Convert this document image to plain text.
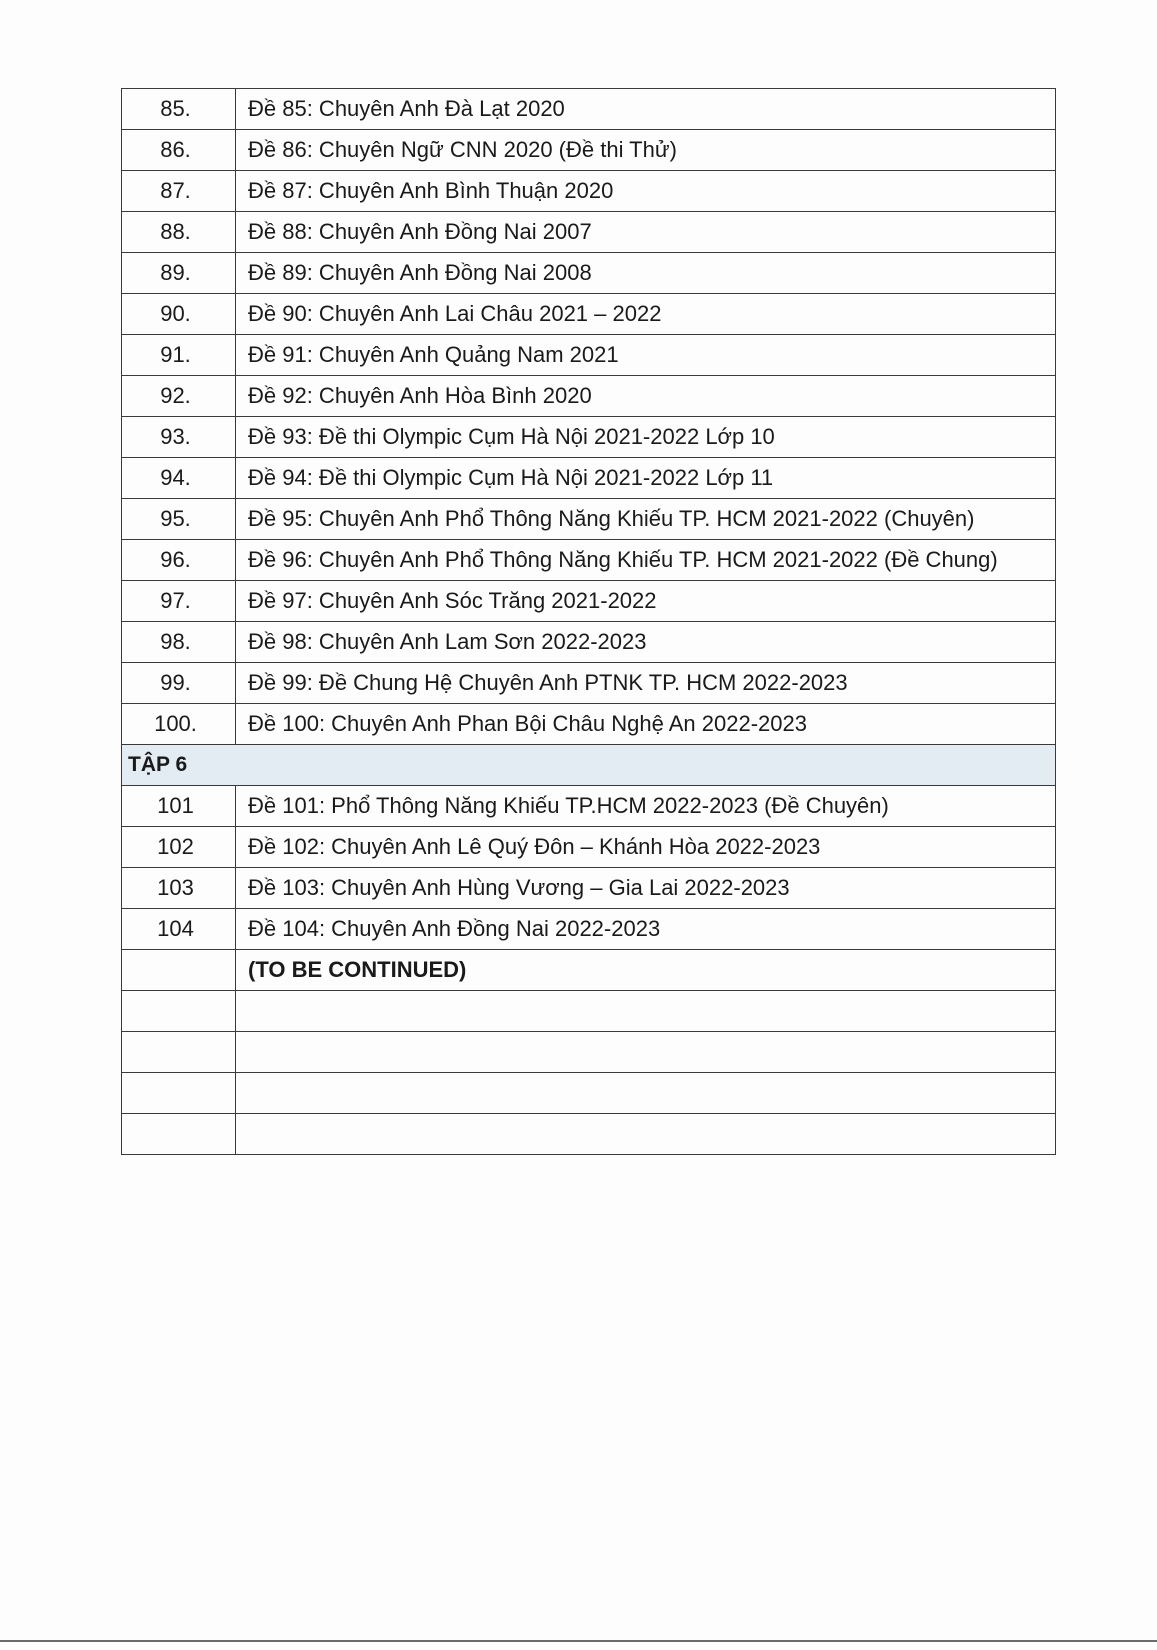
85.	Đề 85: Chuyên Anh Đà Lạt 2020
86.	Đề 86: Chuyên Ngữ CNN 2020 (Đề thi Thử)
87.	Đề 87: Chuyên Anh Bình Thuận 2020
88.	Đề 88: Chuyên Anh Đồng Nai 2007
89.	Đề 89: Chuyên Anh Đồng Nai 2008
90.	Đề 90: Chuyên Anh Lai Châu 2021 – 2022
91.	Đề 91: Chuyên Anh Quảng Nam 2021
92.	Đề 92: Chuyên Anh Hòa Bình 2020
93.	Đề 93: Đề thi Olympic Cụm Hà Nội 2021-2022 Lớp 10
94.	Đề 94: Đề thi Olympic Cụm Hà Nội 2021-2022 Lớp 11
95.	Đề 95: Chuyên Anh Phổ Thông Năng Khiếu TP. HCM 2021-2022 (Chuyên)
96.	Đề 96: Chuyên Anh Phổ Thông Năng Khiếu TP. HCM 2021-2022 (Đề Chung)
97.	Đề 97: Chuyên Anh Sóc Trăng 2021-2022
98.	Đề 98: Chuyên Anh Lam Sơn 2022-2023
99.	Đề 99: Đề Chung Hệ Chuyên Anh PTNK TP. HCM 2022-2023
100.	Đề 100: Chuyên Anh Phan Bội Châu Nghệ An 2022-2023
TẬP 6	
101	Đề 101: Phổ Thông Năng Khiếu TP.HCM 2022-2023 (Đề Chuyên)
102	Đề 102: Chuyên Anh Lê Quý Đôn – Khánh Hòa 2022-2023
103	Đề 103: Chuyên Anh Hùng Vương – Gia Lai 2022-2023
104	Đề 104: Chuyên Anh Đồng Nai 2022-2023
	(TO BE CONTINUED)
